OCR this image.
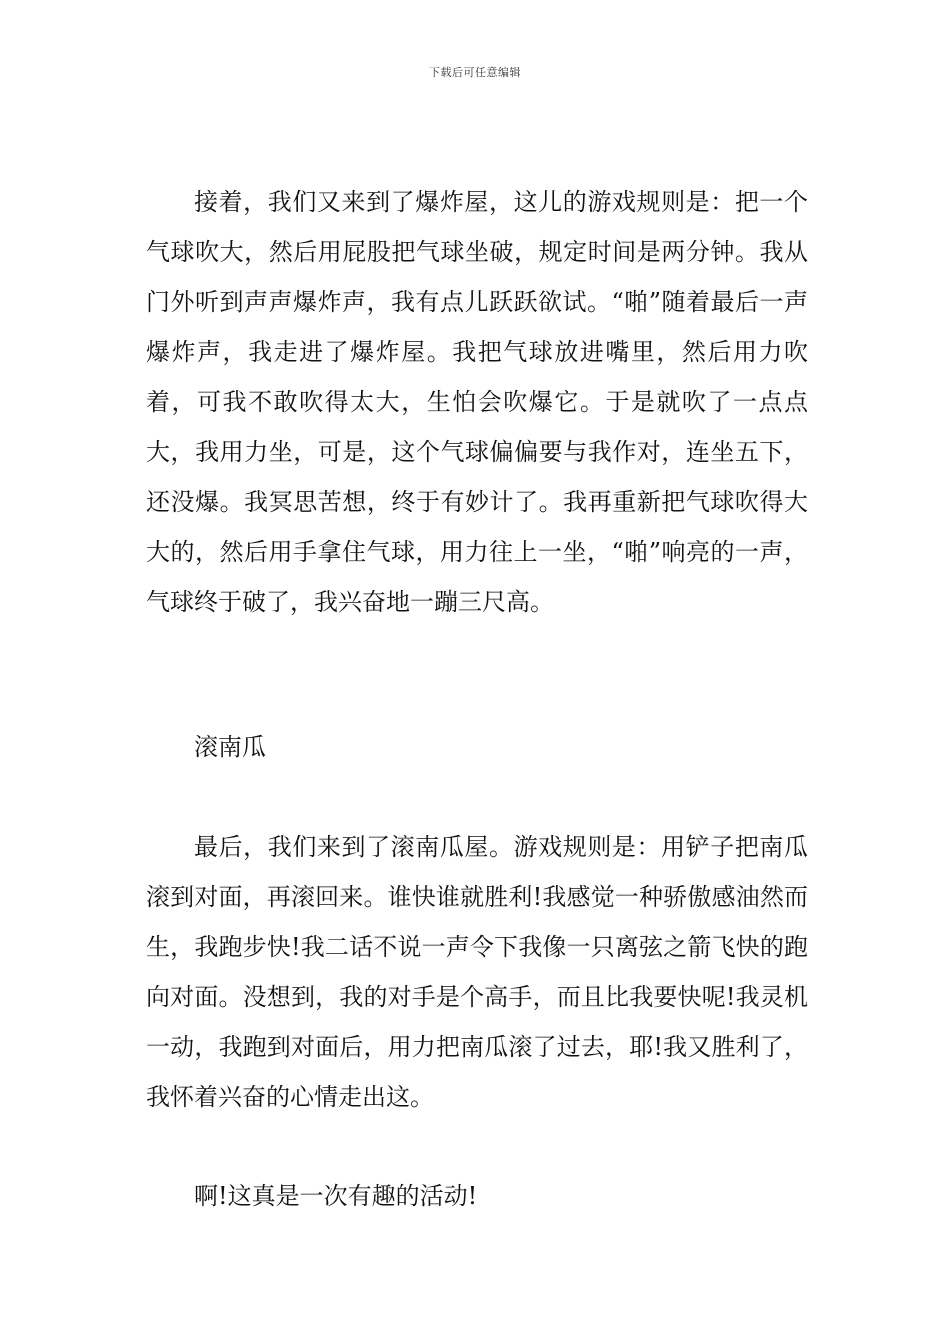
下载后可任意编辑

接着，我们又来到了爆炸屋，这儿的游戏规则是：把一个气球吹大，然后用屁股把气球坐破，规定时间是两分钟。我从门外听到声声爆炸声，我有点儿跃跃欲试。“啪”随着最后一声爆炸声，我走进了爆炸屋。我把气球放进嘴里，然后用力吹着，可我不敢吹得太大，生怕会吹爆它。于是就吹了一点点大，我用力坐，可是，这个气球偏偏要与我作对，连坐五下，还没爆。我冥思苦想，终于有妙计了。我再重新把气球吹得大大的，然后用手拿住气球，用力往上一坐，“啪”响亮的一声，气球终于破了，我兴奋地一蹦三尺高。

滚南瓜

最后，我们来到了滚南瓜屋。游戏规则是：用铲子把南瓜滚到对面，再滚回来。谁快谁就胜利!我感觉一种骄傲感油然而生，我跑步快!我二话不说一声令下我像一只离弦之箭飞快的跑向对面。没想到，我的对手是个高手，而且比我要快呢!我灵机一动，我跑到对面后，用力把南瓜滚了过去，耶!我又胜利了，我怀着兴奋的心情走出这。

啊!这真是一次有趣的活动!
